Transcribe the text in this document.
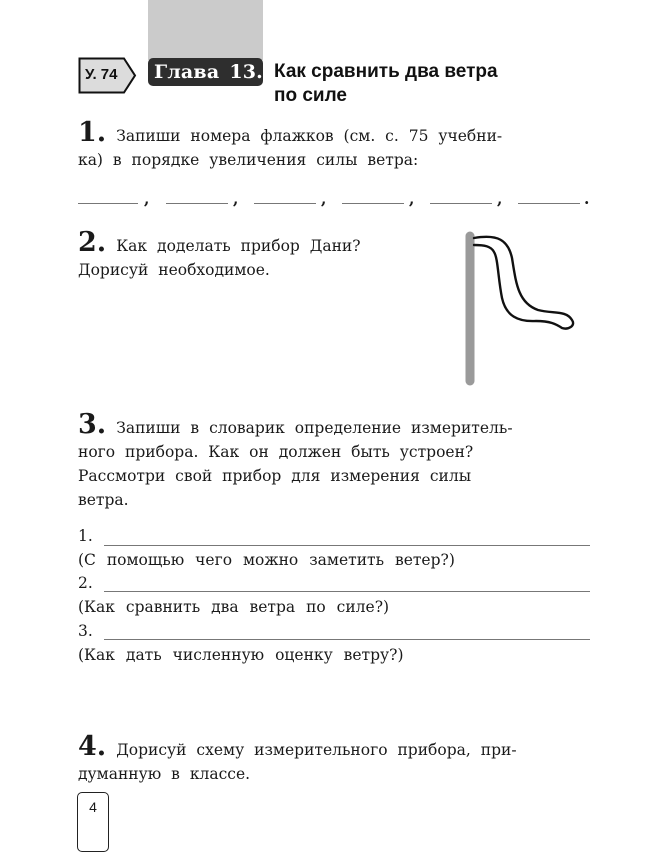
У. 74	Глава 13. Как сравнить два ветра
по силе
1. Запиши номера флажков (см. с. 75 учебни-
ка) в порядке увеличения силы ветра:
,	,	,	,	,	.
2. Как доделать прибор Дани?
Дорисуй необходимое.
3. Запиши в словарик определение измеритель-
ного прибора. Как он должен быть устроен?
Рассмотри свой прибор для измерения силы
ветра.
1.
(С помощью чего можно заметить ветер?)
2.
(Как сравнить два ветра по силе?)
3.
(Как дать численную оценку ветру?)
4. Дорисуй схему измерительного прибора, при-
думанную в классе.
4
